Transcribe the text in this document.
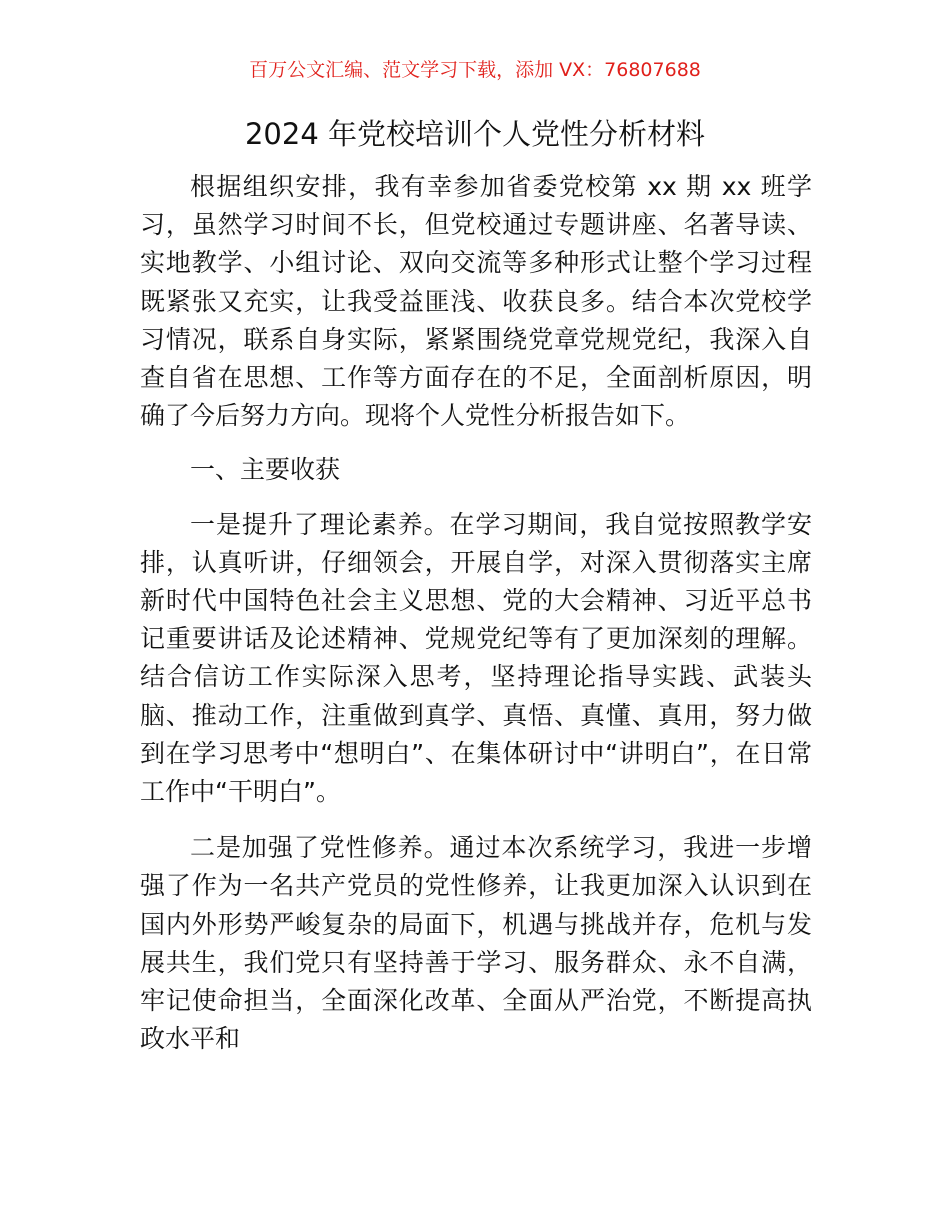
百万公文汇编、范文学习下载，添加 VX：76807688
2024 年党校培训个人党性分析材料

根据组织安排，我有幸参加省委党校第 xx 期 xx 班学习，虽然学习时间不长，但党校通过专题讲座、名著导读、实地教学、小组讨论、双向交流等多种形式让整个学习过程既紧张又充实，让我受益匪浅、收获良多。结合本次党校学习情况，联系自身实际，紧紧围绕党章党规党纪，我深入自查自省在思想、工作等方面存在的不足，全面剖析原因，明确了今后努力方向。现将个人党性分析报告如下。

一、主要收获

一是提升了理论素养。在学习期间，我自觉按照教学安排，认真听讲，仔细领会，开展自学，对深入贯彻落实主席新时代中国特色社会主义思想、党的大会精神、习近平总书记重要讲话及论述精神、党规党纪等有了更加深刻的理解。结合信访工作实际深入思考，坚持理论指导实践、武装头脑、推动工作，注重做到真学、真悟、真懂、真用，努力做到在学习思考中“想明白”、在集体研讨中“讲明白”，在日常工作中“干明白”。

二是加强了党性修养。通过本次系统学习，我进一步增强了作为一名共产党员的党性修养，让我更加深入认识到在国内外形势严峻复杂的局面下，机遇与挑战并存，危机与发展共生，我们党只有坚持善于学习、服务群众、永不自满，牢记使命担当，全面深化改革、全面从严治党，不断提高执政水平和
